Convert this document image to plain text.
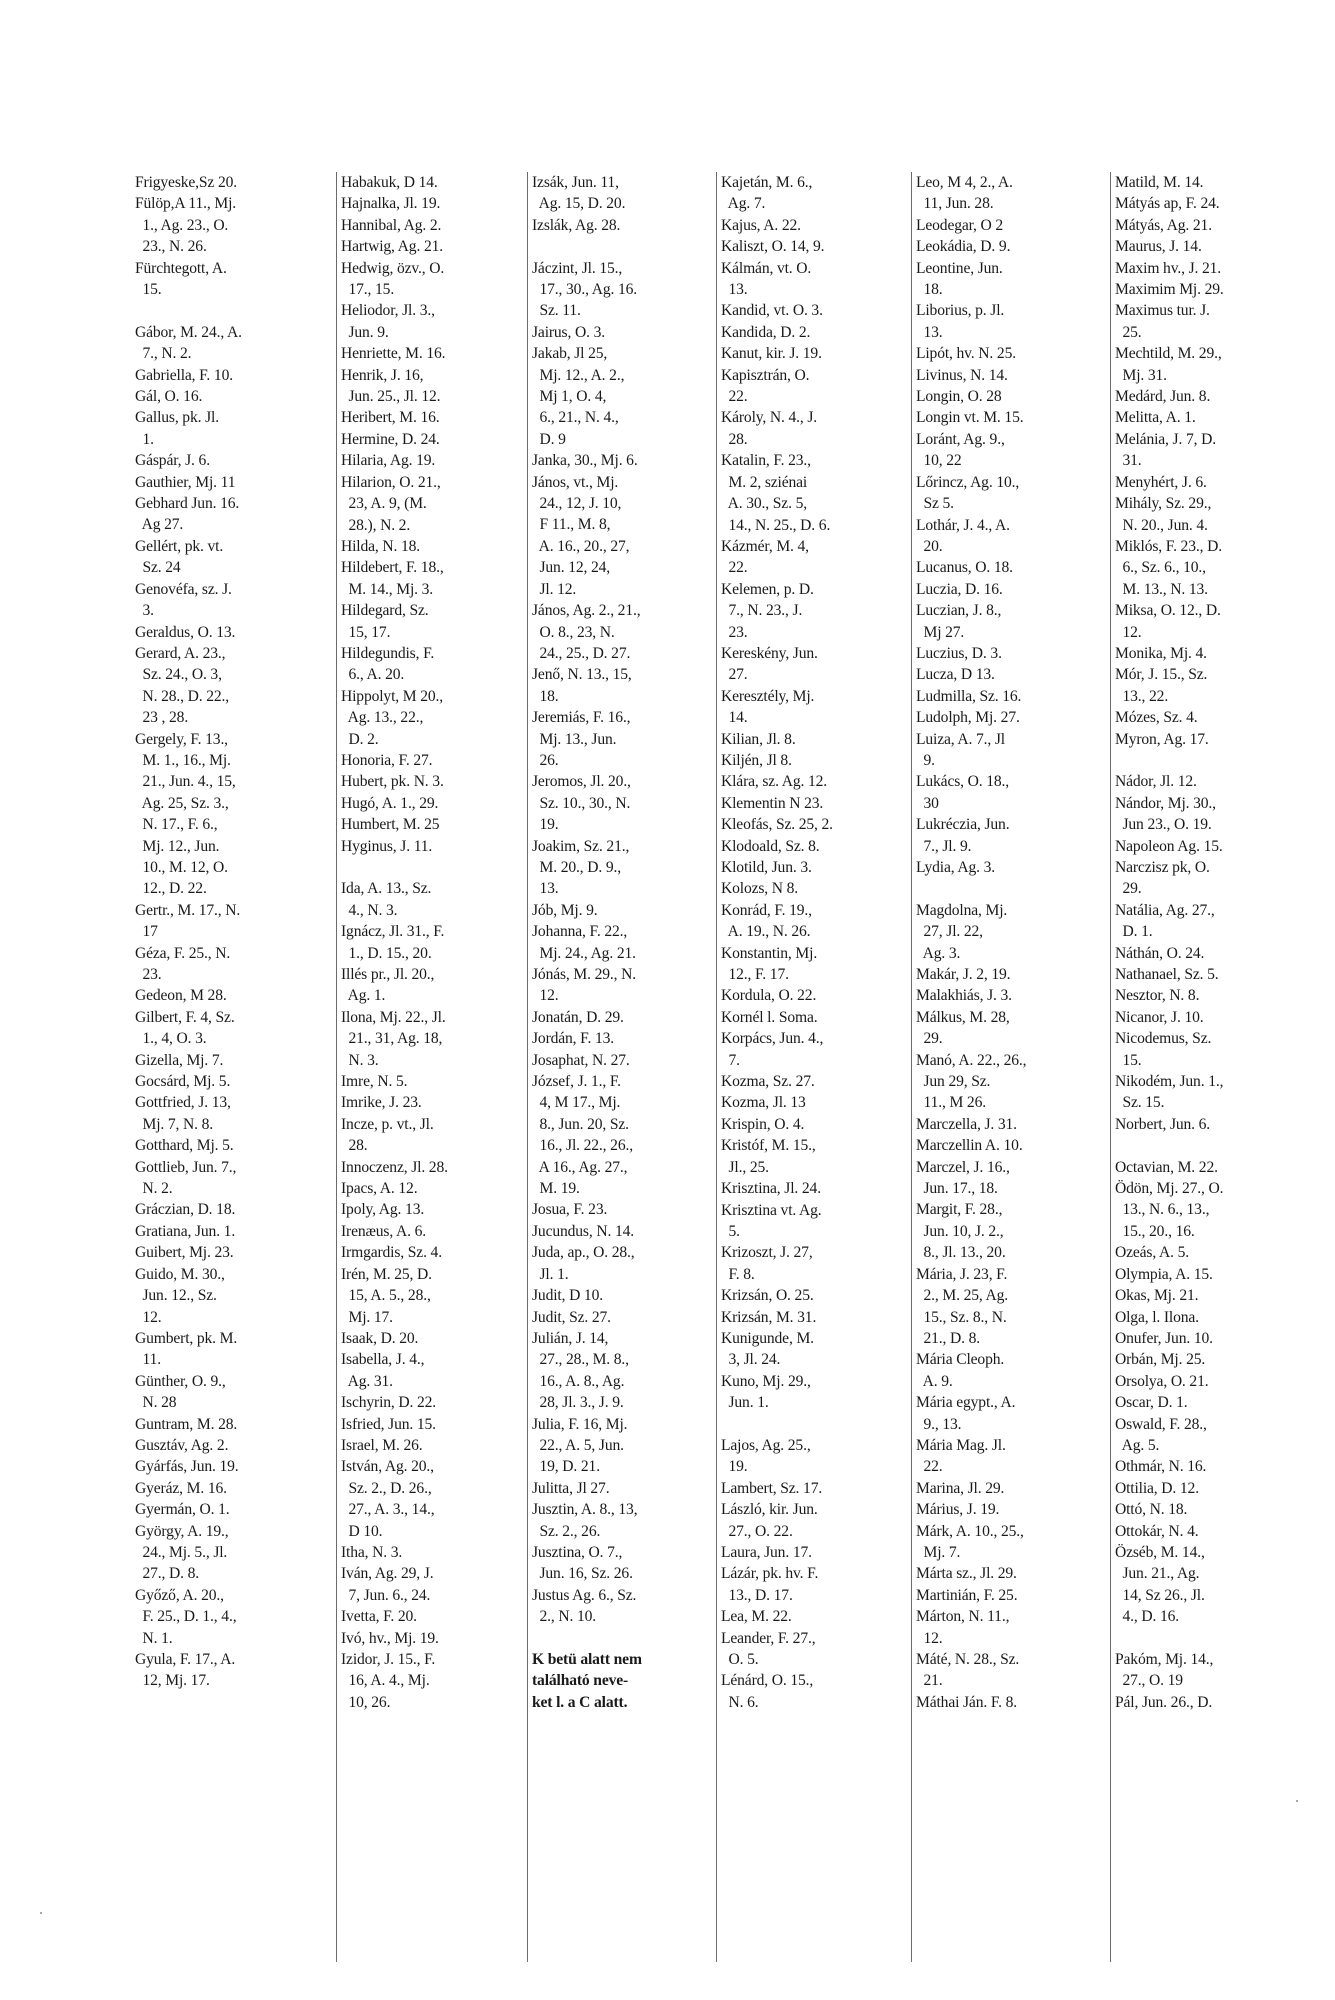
Frigyeske,Sz 20.
Fülöp,A 11., Mj.
1., Ag. 23., O.
23., N. 26.
Fürchtegott, A.
15.
Gábor, M. 24., A.
7., N. 2.
Gabriella, F. 10.
Gál, O. 16.
Gallus, pk. Jl.
1.
Gáspár, J. 6.
Gauthier, Mj. 11
Gebhard Jun. 16.
Ag 27.
Gellért, pk. vt.
Sz. 24
Genovéfa, sz. J.
3.
Geraldus, O. 13.
Gerard, A. 23.,
Sz. 24., O. 3,
N. 28., D. 22.,
23 , 28.
Gergely, F. 13.,
M. 1., 16., Mj.
21., Jun. 4., 15,
Ag. 25, Sz. 3.,
N. 17., F. 6.,
Mj. 12., Jun.
10., M. 12, O.
12., D. 22.
Gertr., M. 17., N.
17
Géza, F. 25., N.
23.
Gedeon, M 28.
Gilbert, F. 4, Sz.
1., 4, O. 3.
Gizella, Mj. 7.
Gocsárd, Mj. 5.
Gottfried, J. 13,
Mj. 7, N. 8.
Gotthard, Mj. 5.
Gottlieb, Jun. 7.,
N. 2.
Gráczian, D. 18.
Gratiana, Jun. 1.
Guibert, Mj. 23.
Guido, M. 30.,
Jun. 12., Sz.
12.
Gumbert, pk. M.
11.
Günther, O. 9.,
N. 28
Guntram, M. 28.
Gusztáv, Ag. 2.
Gyárfás, Jun. 19.
Gyeráz, M. 16.
Gyermán, O. 1.
György, A. 19.,
24., Mj. 5., Jl.
27., D. 8.
Győző, A. 20.,
F. 25., D. 1., 4.,
N. 1.
Gyula, F. 17., A.
12, Mj. 17.
Habakuk, D 14.
Hajnalka, Jl. 19.
Hannibal, Ag. 2.
Hartwig, Ag. 21.
Hedwig, özv., O.
17., 15.
Heliodor, Jl. 3.,
Jun. 9.
Henriette, M. 16.
Henrik, J. 16,
Jun. 25., Jl. 12.
Heribert, M. 16.
Hermine, D. 24.
Hilaria, Ag. 19.
Hilarion, O. 21.,
23, A. 9, (M.
28.), N. 2.
Hilda, N. 18.
Hildebert, F. 18.,
M. 14., Mj. 3.
Hildegard, Sz.
15, 17.
Hildegundis, F.
6., A. 20.
Hippolyt, M 20.,
Ag. 13., 22.,
D. 2.
Honoria, F. 27.
Hubert, pk. N. 3.
Hugó, A. 1., 29.
Humbert, M. 25
Hyginus, J. 11.
Ida, A. 13., Sz.
4., N. 3.
Ignácz, Jl. 31., F.
1., D. 15., 20.
Illés pr., Jl. 20.,
Ag. 1.
Ilona, Mj. 22., Jl.
21., 31, Ag. 18,
N. 3.
Imre, N. 5.
Imrike, J. 23.
Incze, p. vt., Jl.
28.
Innoczenz, Jl. 28.
Ipacs, A. 12.
Ipoly, Ag. 13.
Irenæus, A. 6.
Irmgardis, Sz. 4.
Irén, M. 25, D.
15, A. 5., 28.,
Mj. 17.
Isaak, D. 20.
Isabella, J. 4.,
Ag. 31.
Ischyrin, D. 22.
Isfried, Jun. 15.
Israel, M. 26.
István, Ag. 20.,
Sz. 2., D. 26.,
27., A. 3., 14.,
D 10.
Itha, N. 3.
Iván, Ag. 29, J.
7, Jun. 6., 24.
Ivetta, F. 20.
Ivó, hv., Mj. 19.
Izidor, J. 15., F.
16, A. 4., Mj.
10, 26.
Izsák, Jun. 11,
Ag. 15, D. 20.
Izslák, Ag. 28.
Jáczint, Jl. 15.,
17., 30., Ag. 16.
Sz. 11.
Jairus, O. 3.
Jakab, Jl 25,
Mj. 12., A. 2.,
Mj 1, O. 4,
6., 21., N. 4.,
D. 9
Janka, 30., Mj. 6.
János, vt., Mj.
24., 12, J. 10,
F 11., M. 8,
A. 16., 20., 27,
Jun. 12, 24,
Jl. 12.
János, Ag. 2., 21.,
O. 8., 23, N.
24., 25., D. 27.
Jenő, N. 13., 15,
18.
Jeremiás, F. 16.,
Mj. 13., Jun.
26.
Jeromos, Jl. 20.,
Sz. 10., 30., N.
19.
Joakim, Sz. 21.,
M. 20., D. 9.,
13.
Jób, Mj. 9.
Johanna, F. 22.,
Mj. 24., Ag. 21.
Jónás, M. 29., N.
12.
Jonatán, D. 29.
Jordán, F. 13.
Josaphat, N. 27.
József, J. 1., F.
4, M 17., Mj.
8., Jun. 20, Sz.
16., Jl. 22., 26.,
A 16., Ag. 27.,
M. 19.
Josua, F. 23.
Jucundus, N. 14.
Juda, ap., O. 28.,
Jl. 1.
Judit, D 10.
Judit, Sz. 27.
Julián, J. 14,
27., 28., M. 8.,
16., A. 8., Ag.
28, Jl. 3., J. 9.
Julia, F. 16, Mj.
22., A. 5, Jun.
19, D. 21.
Julitta, Jl 27.
Jusztin, A. 8., 13,
Sz. 2., 26.
Jusztina, O. 7.,
Jun. 16, Sz. 26.
Justus Ag. 6., Sz.
2., N. 10.
K betü alatt nem
található neve-
ket l. a C alatt.
Kajetán, M. 6.,
Ag. 7.
Kajus, A. 22.
Kaliszt, O. 14, 9.
Kálmán, vt. O.
13.
Kandid, vt. O. 3.
Kandida, D. 2.
Kanut, kir. J. 19.
Kapisztrán, O.
22.
Károly, N. 4., J.
28.
Katalin, F. 23.,
M. 2, sziénai
A. 30., Sz. 5,
14., N. 25., D. 6.
Kázmér, M. 4,
22.
Kelemen, p. D.
7., N. 23., J.
23.
Kereskény, Jun.
27.
Keresztély, Mj.
14.
Kilian, Jl. 8.
Kiljén, Jl 8.
Klára, sz. Ag. 12.
Klementin N 23.
Kleofás, Sz. 25, 2.
Klodoald, Sz. 8.
Klotild, Jun. 3.
Kolozs, N 8.
Konrád, F. 19.,
A. 19., N. 26.
Konstantin, Mj.
12., F. 17.
Kordula, O. 22.
Kornél l. Soma.
Korpács, Jun. 4.,
7.
Kozma, Sz. 27.
Kozma, Jl. 13
Krispin, O. 4.
Kristóf, M. 15.,
Jl., 25.
Krisztina, Jl. 24.
Krisztina vt. Ag.
5.
Krizoszt, J. 27,
F. 8.
Krizsán, O. 25.
Krizsán, M. 31.
Kunigunde, M.
3, Jl. 24.
Kuno, Mj. 29.,
Jun. 1.
Lajos, Ag. 25.,
19.
Lambert, Sz. 17.
László, kir. Jun.
27., O. 22.
Laura, Jun. 17.
Lázár, pk. hv. F.
13., D. 17.
Lea, M. 22.
Leander, F. 27.,
O. 5.
Lénárd, O. 15.,
N. 6.
Leo, M 4, 2., A.
11, Jun. 28.
Leodegar, O 2
Leokádia, D. 9.
Leontine, Jun.
18.
Liborius, p. Jl.
13.
Lipót, hv. N. 25.
Livinus, N. 14.
Longin, O. 28
Longin vt. M. 15.
Loránt, Ag. 9.,
10, 22
Lőrincz, Ag. 10.,
Sz 5.
Lothár, J. 4., A.
20.
Lucanus, O. 18.
Luczia, D. 16.
Luczian, J. 8.,
Mj 27.
Luczius, D. 3.
Lucza, D 13.
Ludmilla, Sz. 16.
Ludolph, Mj. 27.
Luiza, A. 7., Jl
9.
Lukács, O. 18.,
30
Lukréczia, Jun.
7., Jl. 9.
Lydia, Ag. 3.
Magdolna, Mj.
27, Jl. 22,
Ag. 3.
Makár, J. 2, 19.
Malakhiás, J. 3.
Málkus, M. 28,
29.
Manó, A. 22., 26.,
Jun 29, Sz.
11., M 26.
Marczella, J. 31.
Marczellin A. 10.
Marczel, J. 16.,
Jun. 17., 18.
Margit, F. 28.,
Jun. 10, J. 2.,
8., Jl. 13., 20.
Mária, J. 23, F.
2., M. 25, Ag.
15., Sz. 8., N.
21., D. 8.
Mária Cleoph.
A. 9.
Mária egypt., A.
9., 13.
Mária Mag. Jl.
22.
Marina, Jl. 29.
Márius, J. 19.
Márk, A. 10., 25.,
Mj. 7.
Márta sz., Jl. 29.
Martinián, F. 25.
Márton, N. 11.,
12.
Máté, N. 28., Sz.
21.
Máthai Ján. F. 8.
Matild, M. 14.
Mátyás ap, F. 24.
Mátyás, Ag. 21.
Maurus, J. 14.
Maxim hv., J. 21.
Maximim Mj. 29.
Maximus tur. J.
25.
Mechtild, M. 29.,
Mj. 31.
Medárd, Jun. 8.
Melitta, A. 1.
Melánia, J. 7, D.
31.
Menyhért, J. 6.
Mihály, Sz. 29.,
N. 20., Jun. 4.
Miklós, F. 23., D.
6., Sz. 6., 10.,
M. 13., N. 13.
Miksa, O. 12., D.
12.
Monika, Mj. 4.
Mór, J. 15., Sz.
13., 22.
Mózes, Sz. 4.
Myron, Ag. 17.
Nádor, Jl. 12.
Nándor, Mj. 30.,
Jun 23., O. 19.
Napoleon Ag. 15.
Narczisz pk, O.
29.
Natália, Ag. 27.,
D. 1.
Náthán, O. 24.
Nathanael, Sz. 5.
Nesztor, N. 8.
Nicanor, J. 10.
Nicodemus, Sz.
15.
Nikodém, Jun. 1.,
Sz. 15.
Norbert, Jun. 6.
Octavian, M. 22.
Ödön, Mj. 27., O.
13., N. 6., 13.,
15., 20., 16.
Ozeás, A. 5.
Olympia, A. 15.
Okas, Mj. 21.
Olga, l. Ilona.
Onufer, Jun. 10.
Orbán, Mj. 25.
Orsolya, O. 21.
Oscar, D. 1.
Oswald, F. 28.,
Ag. 5.
Othmár, N. 16.
Ottilia, D. 12.
Ottó, N. 18.
Ottokár, N. 4.
Özséb, M. 14.,
Jun. 21., Ag.
14, Sz 26., Jl.
4., D. 16.
Pakóm, Mj. 14.,
27., O. 19
Pál, Jun. 26., D.
